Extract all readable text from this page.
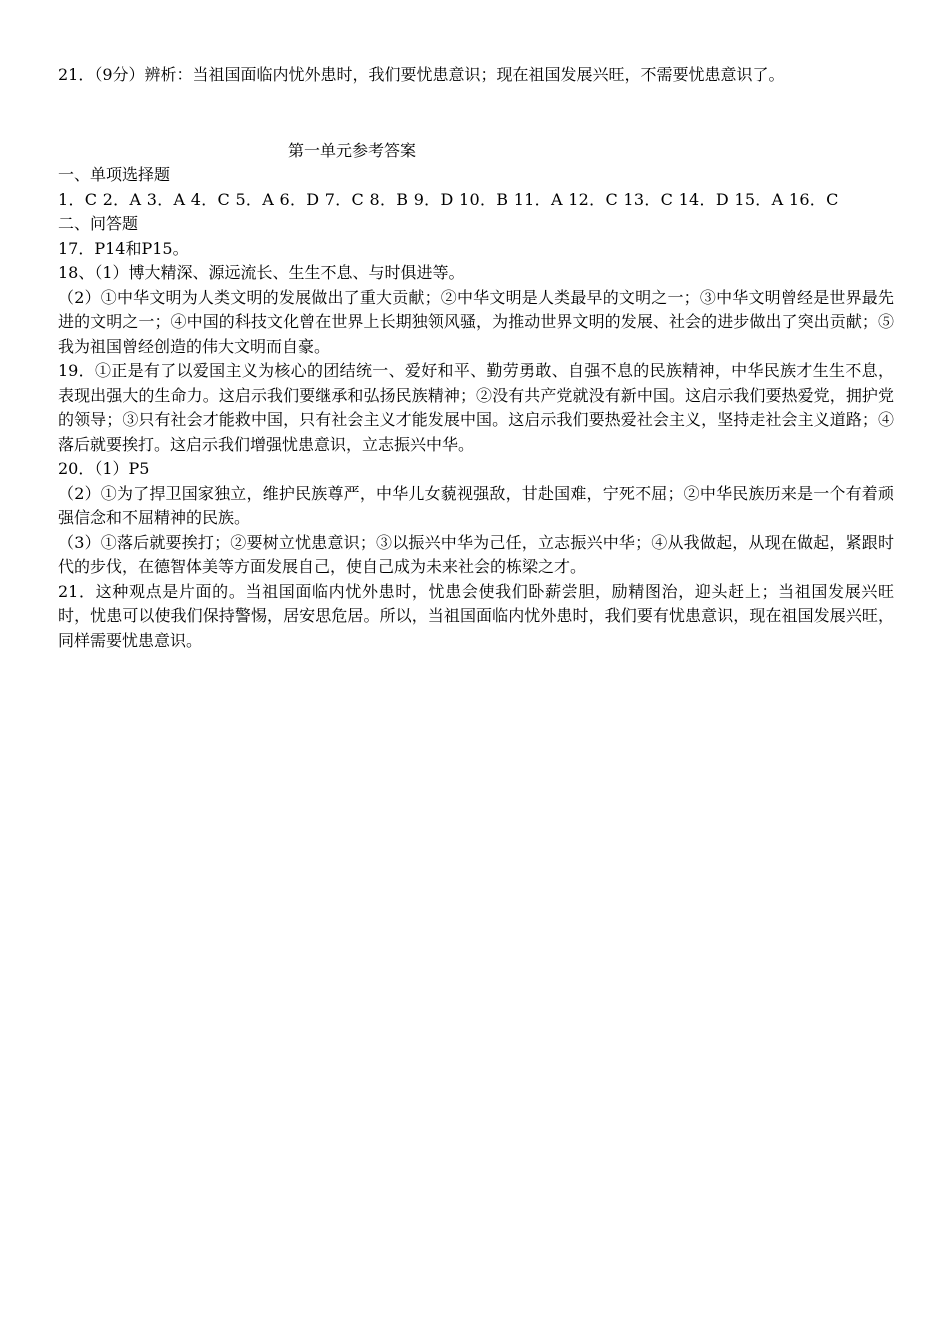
21．（9分）辨析：当祖国面临内忧外患时，我们要忧患意识；现在祖国发展兴旺，不需要忧患意识了。

第一单元参考答案

一、单项选择题

1．C 2．A 3．A 4．C 5．A 6．D 7．C 8．B 9．D 10．B 11．A 12．C 13．C 14．D 15．A 16．C

二、问答题

17．P14和P15。

18、（1）博大精深、源远流长、生生不息、与时俱进等。

（2）①中华文明为人类文明的发展做出了重大贡献；②中华文明是人类最早的文明之一；③中华文明曾经是世界最先进的文明之一；④中国的科技文化曾在世界上长期独领风骚，为推动世界文明的发展、社会的进步做出了突出贡献；⑤我为祖国曾经创造的伟大文明而自豪。

19．①正是有了以爱国主义为核心的团结统一、爱好和平、勤劳勇敢、自强不息的民族精神，中华民族才生生不息，表现出强大的生命力。这启示我们要继承和弘扬民族精神；②没有共产党就没有新中国。这启示我们要热爱党，拥护党的领导；③只有社会才能救中国，只有社会主义才能发展中国。这启示我们要热爱社会主义，坚持走社会主义道路；④落后就要挨打。这启示我们增强忧患意识，立志振兴中华。

20．（1）P5

（2）①为了捍卫国家独立，维护民族尊严，中华儿女藐视强敌，甘赴国难，宁死不屈；②中华民族历来是一个有着顽强信念和不屈精神的民族。

（3）①落后就要挨打；②要树立忧患意识；③以振兴中华为己任，立志振兴中华；④从我做起，从现在做起，紧跟时代的步伐，在德智体美等方面发展自己，使自己成为未来社会的栋梁之才。

21．这种观点是片面的。当祖国面临内忧外患时，忧患会使我们卧薪尝胆，励精图治，迎头赶上；当祖国发展兴旺时，忧患可以使我们保持警惕，居安思危居。所以，当祖国面临内忧外患时，我们要有忧患意识，现在祖国发展兴旺，同样需要忧患意识。
